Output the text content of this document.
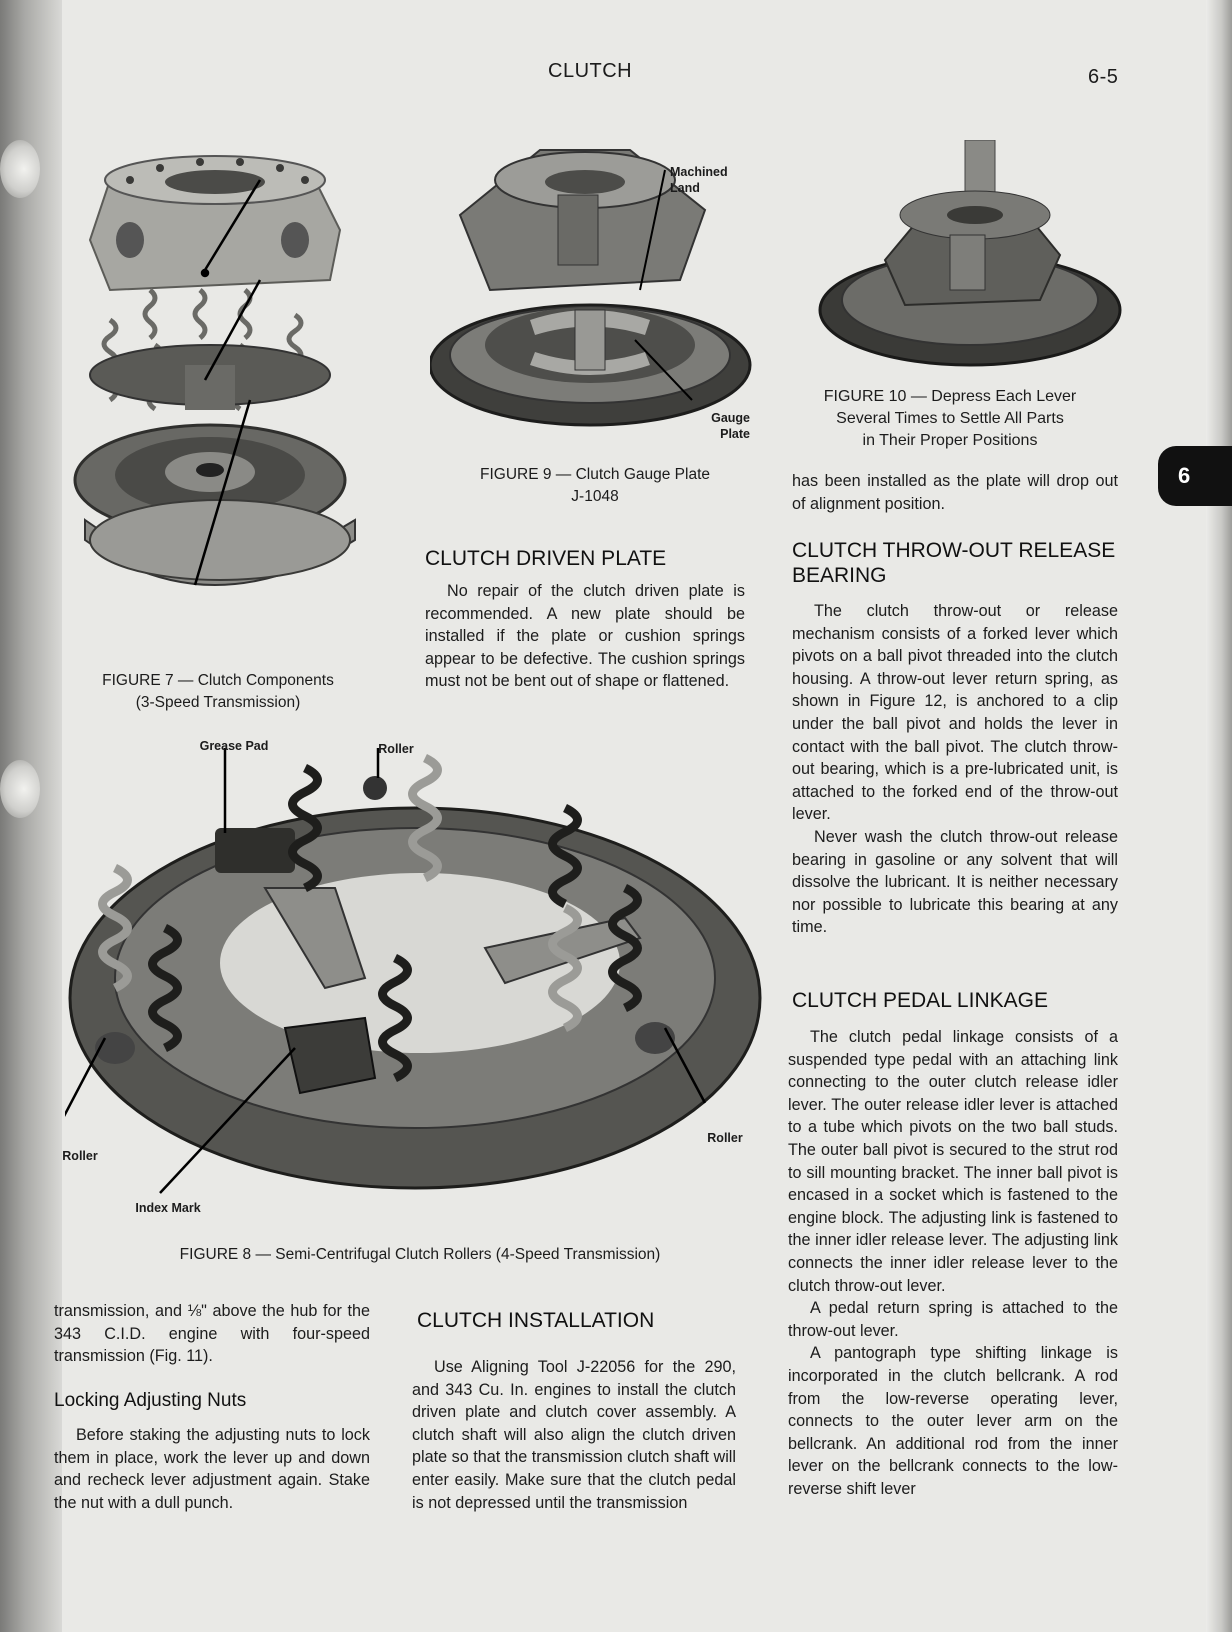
CLUTCH	6-5
6
FIGURE 7 — Clutch Components
(3-Speed Transmission)
Machined
Land
Gauge
Plate
FIGURE 9 — Clutch Gauge Plate
J-1048
FIGURE 10 — Depress Each Lever
Several Times to Settle All Parts
in Their Proper Positions
Grease Pad	Roller
Roller
Roller
Index Mark
FIGURE 8 — Semi-Centrifugal Clutch Rollers (4-Speed Transmission)
CLUTCH DRIVEN PLATE

No repair of the clutch driven plate is recommended. A new plate should be installed if the plate or cushion springs appear to be defective. The cushion springs must not be bent out of shape or flattened.

CLUTCH INSTALLATION

Use Aligning Tool J-22056 for the 290, and 343 Cu. In. engines to install the clutch driven plate and clutch cover assembly. A clutch shaft will also align the clutch driven plate so that the transmission clutch shaft will enter easily. Make sure that the clutch pedal is not depressed until the transmission

transmission, and ⅛" above the hub for the 343 C.I.D. engine with four-speed transmission (Fig. 11).

Locking Adjusting Nuts

Before staking the adjusting nuts to lock them in place, work the lever up and down and recheck lever adjustment again. Stake the nut with a dull punch.

has been installed as the plate will drop out of alignment position.

CLUTCH THROW-OUT RELEASE BEARING

The clutch throw-out or release mechanism consists of a forked lever which pivots on a ball pivot threaded into the clutch housing. A throw-out lever return spring, as shown in Figure 12, is anchored to a clip under the ball pivot and holds the lever in contact with the ball pivot. The clutch throw-out bearing, which is a pre-lubricated unit, is attached to the forked end of the throw-out lever.

Never wash the clutch throw-out release bearing in gasoline or any solvent that will dissolve the lubricant. It is neither necessary nor possible to lubricate this bearing at any time.

CLUTCH PEDAL LINKAGE

The clutch pedal linkage consists of a suspended type pedal with an attaching link connecting to the outer clutch release idler lever. The outer release idler lever is attached to a tube which pivots on the two ball studs. The outer ball pivot is secured to the strut rod to sill mounting bracket. The inner ball pivot is encased in a socket which is fastened to the engine block. The adjusting link is fastened to the inner idler release lever. The adjusting link connects the inner idler release lever to the clutch throw-out lever.

A pedal return spring is attached to the throw-out lever.

A pantograph type shifting linkage is incorporated in the clutch bellcrank. A rod from the low-reverse operating lever, connects to the outer lever arm on the bellcrank. An additional rod from the inner lever on the bellcrank connects to the low-reverse shift lever
